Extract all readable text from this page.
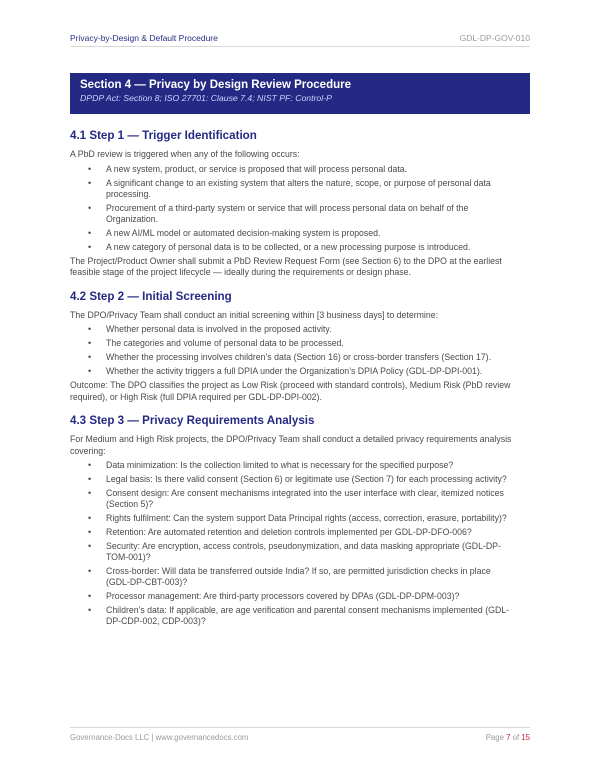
Privacy-by-Design & Default Procedure	GDL-DP-GOV-010
Section 4 — Privacy by Design Review Procedure
DPDP Act: Section 8; ISO 27701: Clause 7.4; NIST PF: Control-P
4.1 Step 1 — Trigger Identification

A PbD review is triggered when any of the following occurs:

• A new system, product, or service is proposed that will process personal data.
• A significant change to an existing system that alters the nature, scope, or purpose of personal data processing.
• Procurement of a third-party system or service that will process personal data on behalf of the Organization.
• A new AI/ML model or automated decision-making system is proposed.
• A new category of personal data is to be collected, or a new processing purpose is introduced.

The Project/Product Owner shall submit a PbD Review Request Form (see Section 6) to the DPO at the earliest feasible stage of the project lifecycle — ideally during the requirements or design phase.

4.2 Step 2 — Initial Screening

The DPO/Privacy Team shall conduct an initial screening within [3 business days] to determine:

• Whether personal data is involved in the proposed activity.
• The categories and volume of personal data to be processed.
• Whether the processing involves children’s data (Section 16) or cross-border transfers (Section 17).
• Whether the activity triggers a full DPIA under the Organization’s DPIA Policy (GDL-DP-DPI-001).

Outcome: The DPO classifies the project as Low Risk (proceed with standard controls), Medium Risk (PbD review required), or High Risk (full DPIA required per GDL-DP-DPI-002).

4.3 Step 3 — Privacy Requirements Analysis

For Medium and High Risk projects, the DPO/Privacy Team shall conduct a detailed privacy requirements analysis covering:

• Data minimization: Is the collection limited to what is necessary for the specified purpose?
• Legal basis: Is there valid consent (Section 6) or legitimate use (Section 7) for each processing activity?
• Consent design: Are consent mechanisms integrated into the user interface with clear, itemized notices (Section 5)?
• Rights fulfilment: Can the system support Data Principal rights (access, correction, erasure, portability)?
• Retention: Are automated retention and deletion controls implemented per GDL-DP-DFO-006?
• Security: Are encryption, access controls, pseudonymization, and data masking appropriate (GDL-DP-TOM-001)?
• Cross-border: Will data be transferred outside India? If so, are permitted jurisdiction checks in place (GDL-DP-CBT-003)?
• Processor management: Are third-party processors covered by DPAs (GDL-DP-DPM-003)?
• Children’s data: If applicable, are age verification and parental consent mechanisms implemented (GDL-DP-CDP-002, CDP-003)?
Governance-Docs LLC | www.governancedocs.com	Page 7 of 15
